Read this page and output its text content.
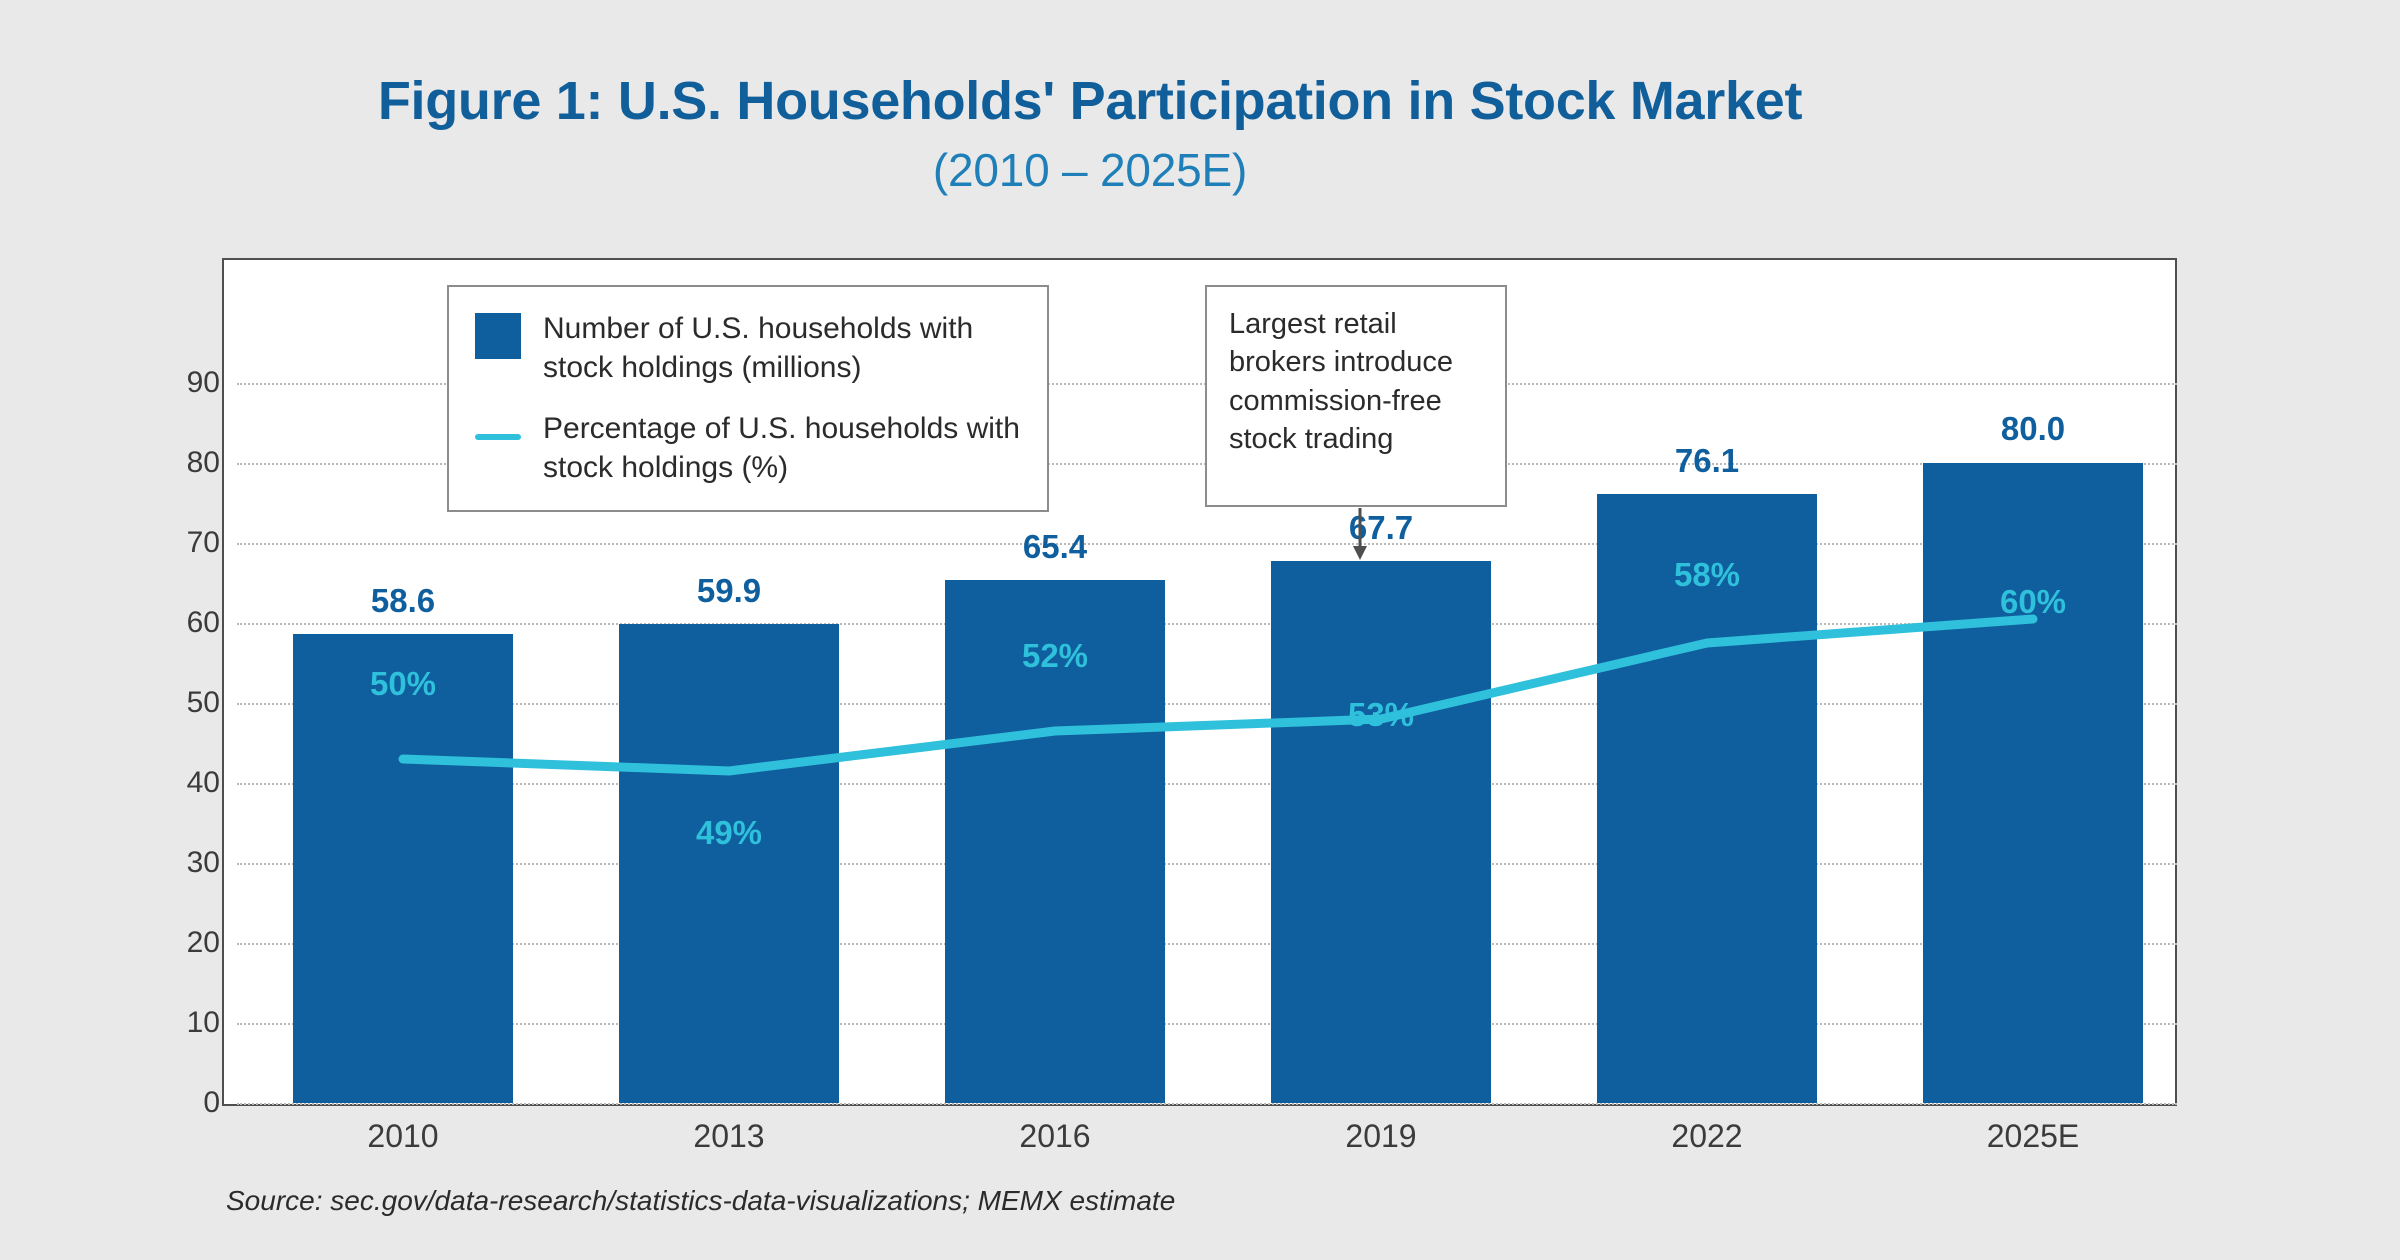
Figure 1: U.S. Households' Participation in Stock Market
(2010 – 2025E)
0
10
20
30
40
50
60
70
80
90
58.6	59.9
65.4
67.7
76.1
80.0
50%
49%
52%
53%
58%
60%
2010	2013	2016	2019	2022	2025E
Number of U.S. households with stock holdings (millions)
Percentage of U.S. households with stock holdings (%)
Largest retail brokers introduce commission-free stock trading
Source: sec.gov/data-research/statistics-data-visualizations; MEMX estimate
